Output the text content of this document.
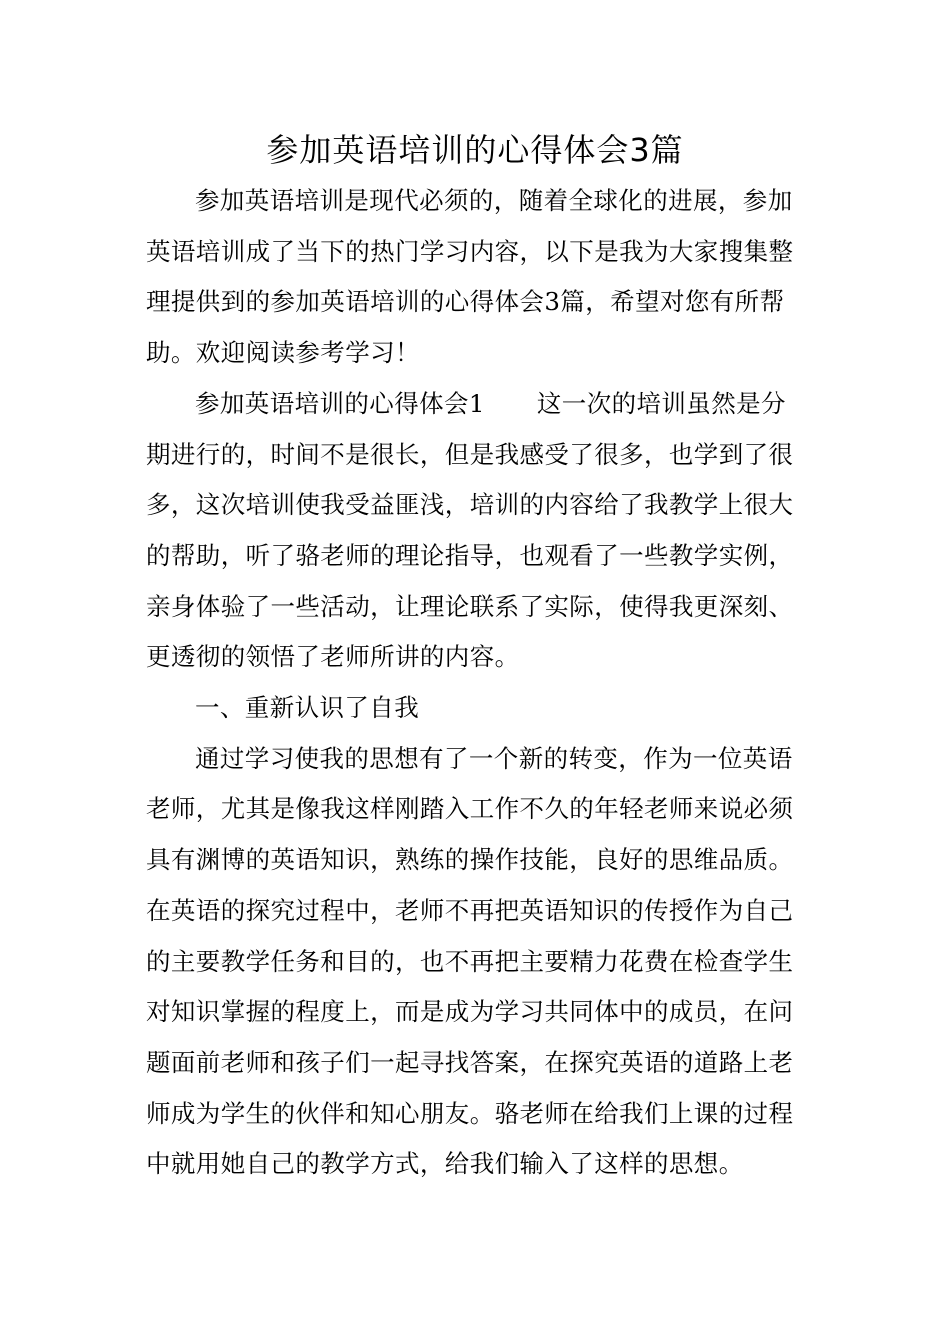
参加英语培训的心得体会3篇

参加英语培训是现代必须的，随着全球化的进展，参加英语培训成了当下的热门学习内容，以下是我为大家搜集整理提供到的参加英语培训的心得体会3篇，希望对您有所帮助。欢迎阅读参考学习！

参加英语培训的心得体会1 这一次的培训虽然是分期进行的，时间不是很长，但是我感受了很多，也学到了很多，这次培训使我受益匪浅，培训的内容给了我教学上很大的帮助，听了骆老师的理论指导，也观看了一些教学实例，亲身体验了一些活动，让理论联系了实际，使得我更深刻、更透彻的领悟了老师所讲的内容。

一、重新认识了自我

通过学习使我的思想有了一个新的转变，作为一位英语老师，尤其是像我这样刚踏入工作不久的年轻老师来说必须具有渊博的英语知识，熟练的操作技能，良好的思维品质。在英语的探究过程中，老师不再把英语知识的传授作为自己的主要教学任务和目的，也不再把主要精力花费在检查学生对知识掌握的程度上，而是成为学习共同体中的成员，在问题面前老师和孩子们一起寻找答案，在探究英语的道路上老师成为学生的伙伴和知心朋友。骆老师在给我们上课的过程中就用她自己的教学方式，给我们输入了这样的思想。
